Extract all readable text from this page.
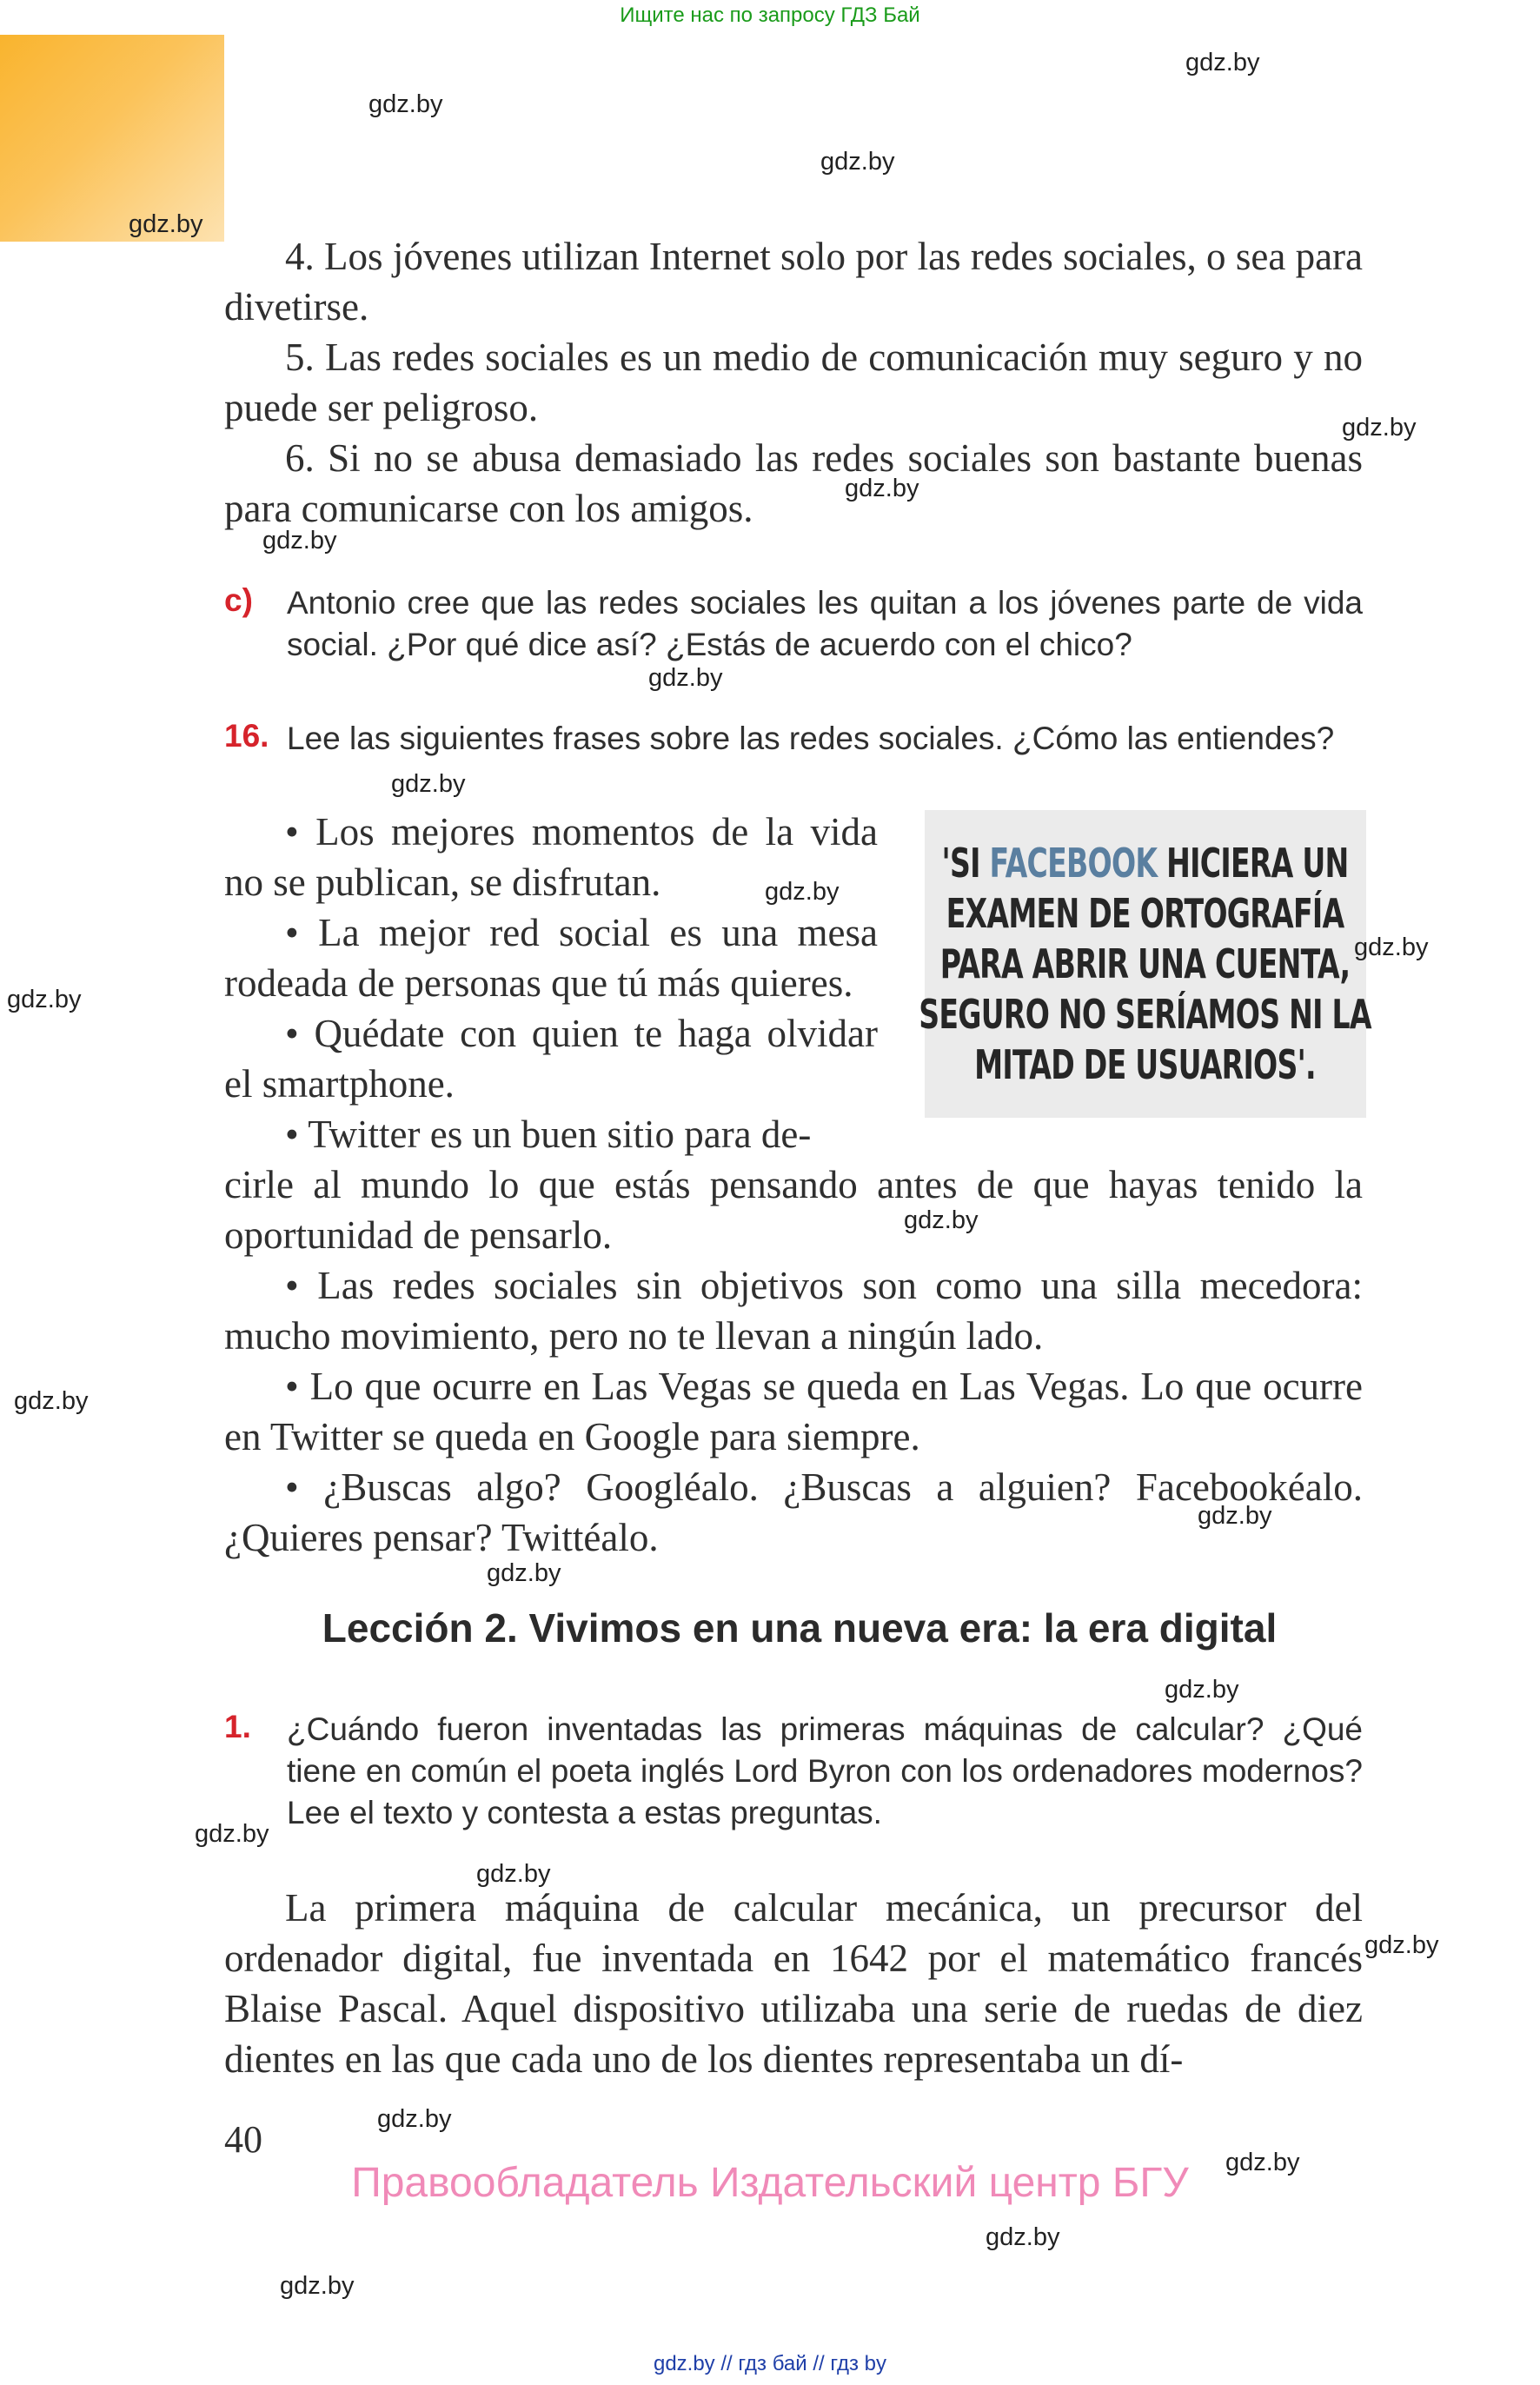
Ищите нас по запросу ГДЗ Бай

4. Los jóvenes utilizan Internet solo por las redes sociales, o sea para divetirse.

5. Las redes sociales es un medio de comunicación muy seguro y no puede ser peligroso.

6. Si no se abusa demasiado las redes sociales son bastante buenas para comunicarse con los amigos.

c) Antonio cree que las redes sociales les quitan a los jóvenes parte de vida social. ¿Por qué dice así? ¿Estás de acuerdo con el chico?
16. Lee las siguientes frases sobre las redes sociales. ¿Cómo las entiendes?

• Los mejores momentos de la vida no se publican, se disfrutan.

• La mejor red social es una mesa rodeada de personas que tú más quieres.

• Quédate con quien te haga olvidar el smartphone.

• Twitter es un buen sitio para de-

'SI FACEBOOK HICIERA UN
EXAMEN DE ORTOGRAFÍA
PARA ABRIR UNA CUENTA,
SEGURO NO SERÍAMOS NI LA
MITAD DE USUARIOS'.

cirle al mundo lo que estás pensando antes de que hayas tenido la oportunidad de pensarlo.

• Las redes sociales sin objetivos son como una silla mecedora: mucho movimiento, pero no te llevan a ningún lado.

• Lo que ocurre en Las Vegas se queda en Las Vegas. Lo que ocurre en Twitter se queda en Google para siempre.

• ¿Buscas algo? Googléalo. ¿Buscas a alguien? Facebookéalo. ¿Quieres pensar? Twittéalo.

Lección 2. Vivimos en una nueva era: la era digital
1. ¿Cuándo fueron inventadas las primeras máquinas de calcular? ¿Qué tiene en común el poeta inglés Lord Byron con los ordenadores modernos? Lee el texto y contesta a estas preguntas.

La primera máquina de calcular mecánica, un precursor del ordenador digital, fue inventada en 1642 por el matemático francés Blaise Pascal. Aquel dispositivo utilizaba una serie de ruedas de diez dientes en las que cada uno de los dientes representaba un dí-

40
Правообладатель Издательский центр БГУ
gdz.by // гдз бай // гдз by
gdz.by
gdz.by
gdz.by
gdz.by
gdz.by
gdz.by
gdz.by
gdz.by
gdz.by
gdz.by
gdz.by
gdz.by
gdz.by
gdz.by
gdz.by
gdz.by
gdz.by
gdz.by
gdz.by
gdz.by
gdz.by
gdz.by
gdz.by
gdz.by
